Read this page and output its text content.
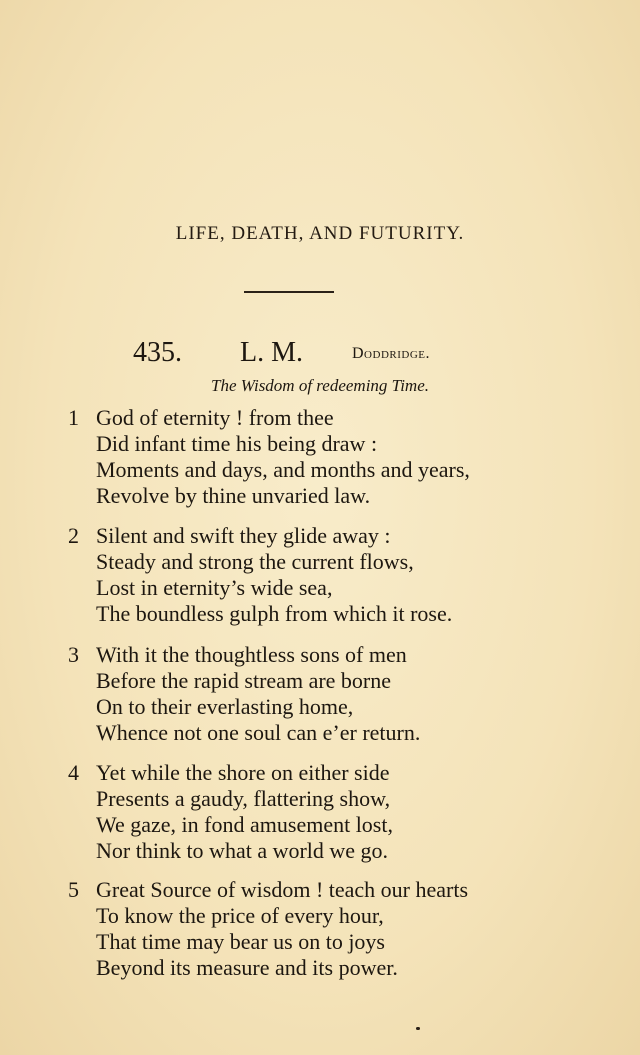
LIFE, DEATH, AND FUTURITY.
435. L. M.	Doddridge.
The Wisdom of redeeming Time.
1 God of eternity ! from thee
Did infant time his being draw :
Moments and days, and months and years,
Revolve by thine unvaried law.
2 Silent and swift they glide away :
Steady and strong the current flows,
Lost in eternity’s wide sea,
The boundless gulph from which it rose.
3 With it the thoughtless sons of men
Before the rapid stream are borne
On to their everlasting home,
Whence not one soul can e’er return.
4 Yet while the shore on either side
Presents a gaudy, flattering show,
We gaze, in fond amusement lost,
Nor think to what a world we go.
5 Great Source of wisdom ! teach our hearts
To know the price of every hour,
That time may bear us on to joys
Beyond its measure and its power.
